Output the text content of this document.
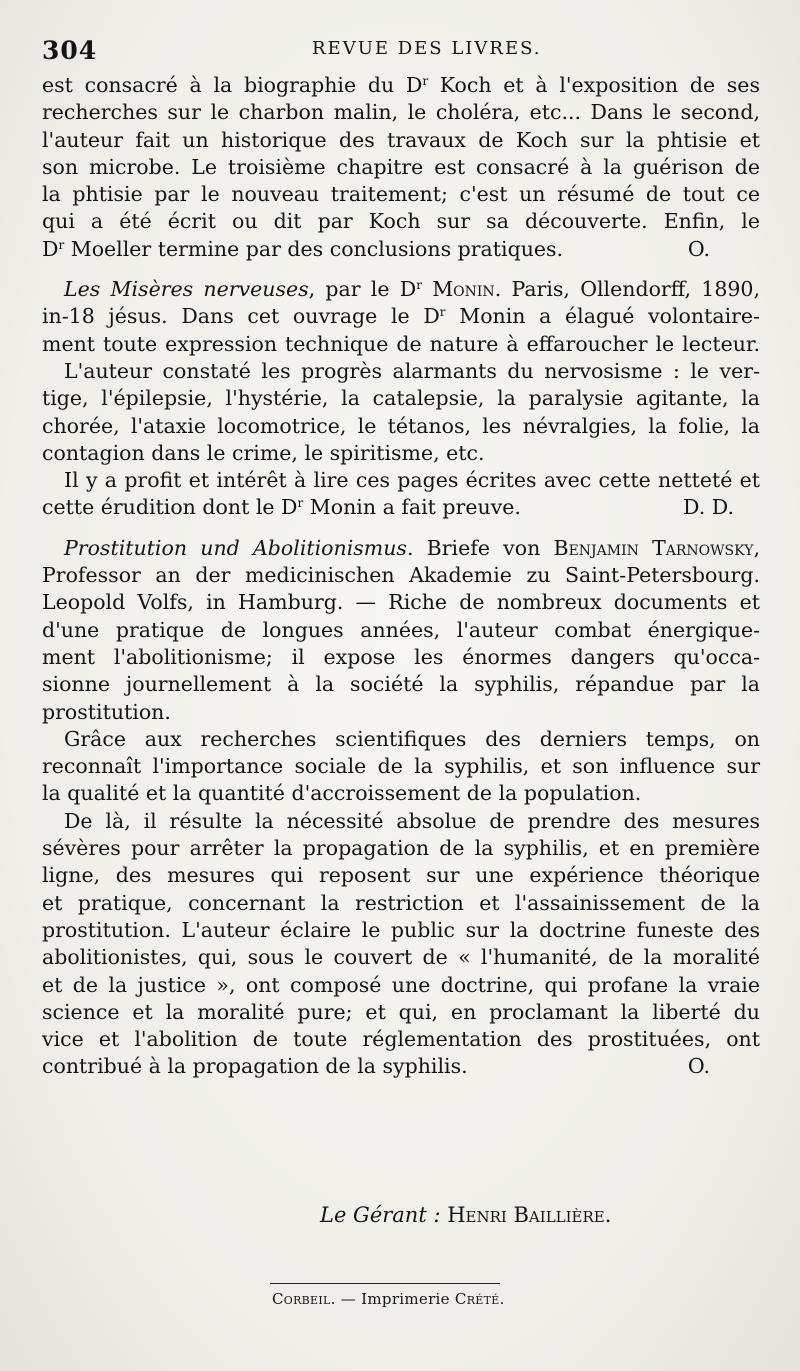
304	REVUE DES LIVRES.
est consacré à la biographie du $D^r$ Koch et à l'exposition de ses
recherches sur le charbon malin, le choléra, etc... Dans le second,
l'auteur fait un historique des travaux de Koch sur la phtisie et
son microbe. Le troisième chapitre est consacré à la guérison de
la phtisie par le nouveau traitement; c'est un résumé de tout ce
qui a été écrit ou dit par Koch sur sa découverte. Enfin, le
$D^r$ Moeller termine par des conclusions pratiques.	O.
Les Misères nerveuses, par le $D^r$ Monin. Paris, Ollendorff, 1890,
in-18 jésus. Dans cet ouvrage le $D^r$ Monin a élagué volontaire-
ment toute expression technique de nature à effaroucher le lecteur.
L'auteur constaté les progrès alarmants du nervosisme : le ver-
tige, l'épilepsie, l'hystérie, la catalepsie, la paralysie agitante, la
chorée, l'ataxie locomotrice, le tétanos, les névralgies, la folie, la
contagion dans le crime, le spiritisme, etc.
Il y a profit et intérêt à lire ces pages écrites avec cette netteté et
cette érudition dont le $D^r$ Monin a fait preuve.	D. D.
Prostitution und Abolitionismus. Briefe von Benjamin Tarnowsky,
Professor an der medicinischen Akademie zu Saint-Petersbourg.
Leopold Volfs, in Hamburg. — Riche de nombreux documents et
d'une pratique de longues années, l'auteur combat énergique-
ment l'abolitionisme; il expose les énormes dangers qu'occa-
sionne journellement à la société la syphilis, répandue par la
prostitution.
Grâce aux recherches scientifiques des derniers temps, on
reconnaît l'importance sociale de la syphilis, et son influence sur
la qualité et la quantité d'accroissement de la population.
De là, il résulte la nécessité absolue de prendre des mesures
sévères pour arrêter la propagation de la syphilis, et en première
ligne, des mesures qui reposent sur une expérience théorique
et pratique, concernant la restriction et l'assainissement de la
prostitution. L'auteur éclaire le public sur la doctrine funeste des
abolitionistes, qui, sous le couvert de « l'humanité, de la moralité
et de la justice », ont composé une doctrine, qui profane la vraie
science et la moralité pure; et qui, en proclamant la liberté du
vice et l'abolition de toute réglementation des prostituées, ont
contribué à la propagation de la syphilis.	O.
Le Gérant : Henri Baillière.
Corbeil. — Imprimerie Crété.
